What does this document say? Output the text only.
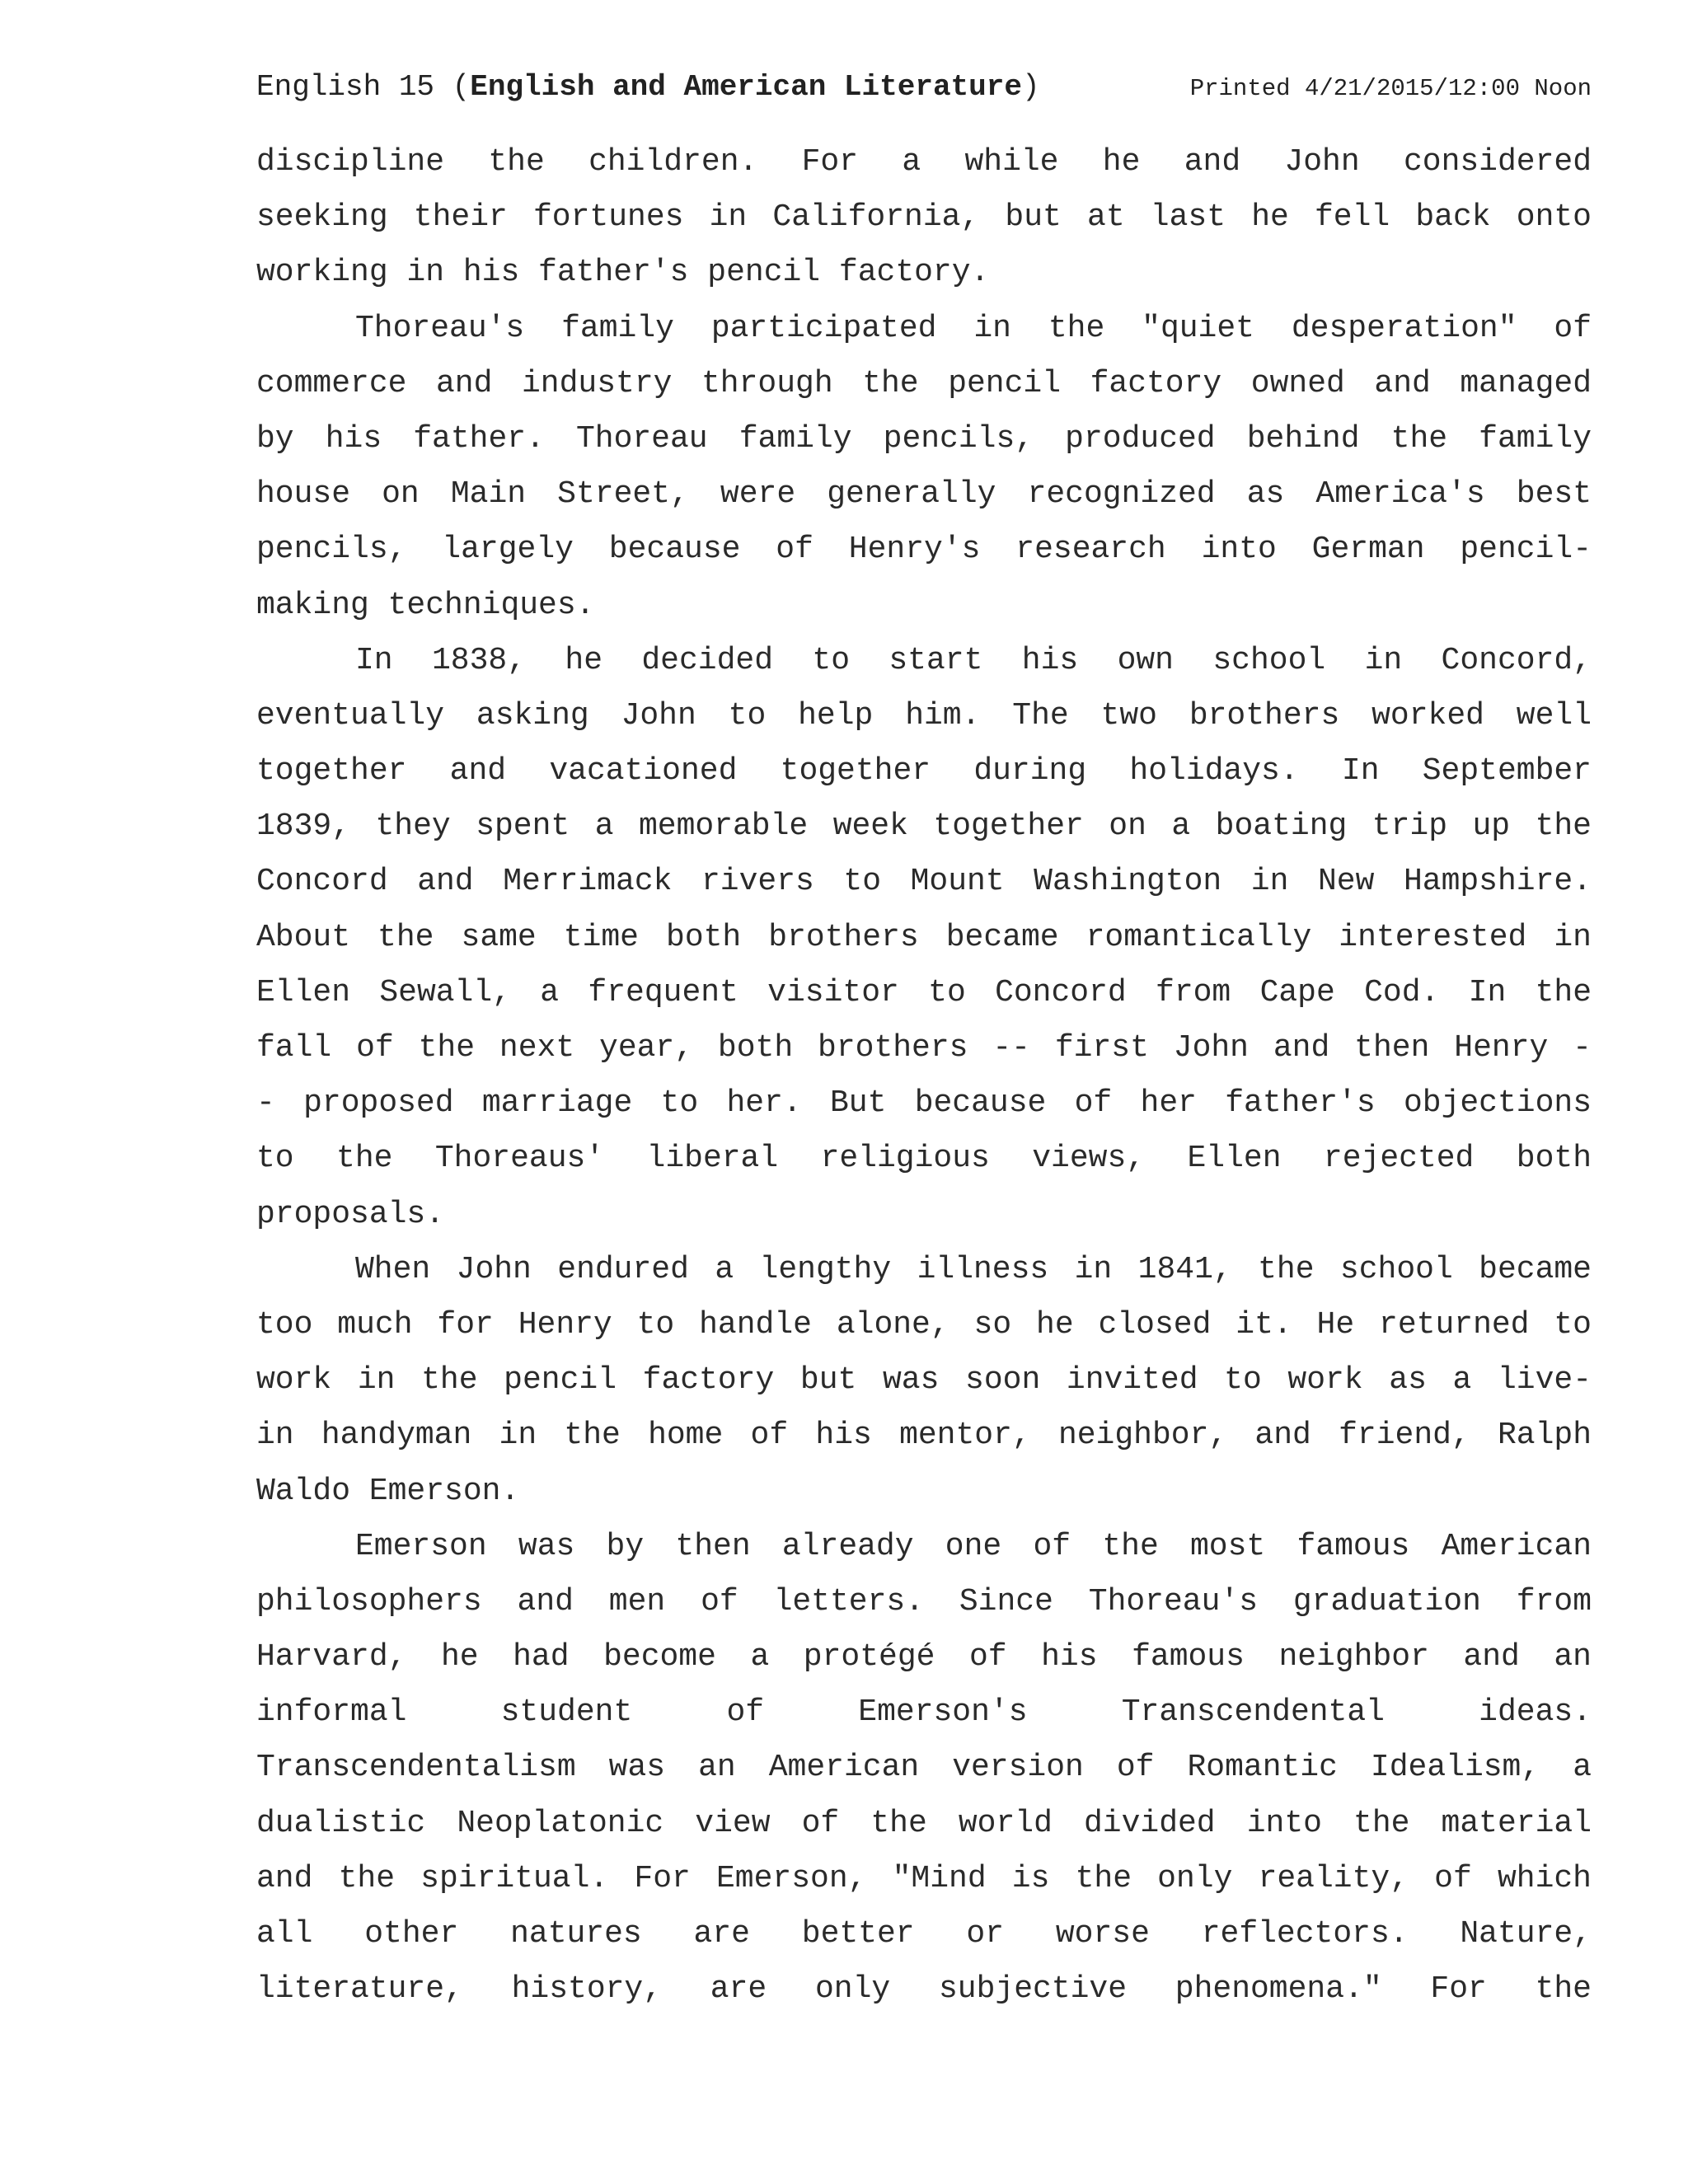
English 15 (English and American Literature)	Printed 4/21/2015/12:00 Noon
discipline the children. For a while he and John considered
seeking their fortunes in California, but at last he fell back onto
working in his father's pencil factory.
Thoreau's family participated in the "quiet desperation" of
commerce and industry through the pencil factory owned and managed
by his father. Thoreau family pencils, produced behind the family
house on Main Street, were generally recognized as America's best
pencils, largely because of Henry's research into German pencil-
making techniques.
In 1838, he decided to start his own school in Concord,
eventually asking John to help him. The two brothers worked well
together and vacationed together during holidays. In September
1839, they spent a memorable week together on a boating trip up the
Concord and Merrimack rivers to Mount Washington in New Hampshire.
About the same time both brothers became romantically interested in
Ellen Sewall, a frequent visitor to Concord from Cape Cod. In the
fall of the next year, both brothers -- first John and then Henry -
- proposed marriage to her. But because of her father's objections
to the Thoreaus' liberal religious views, Ellen rejected both
proposals.
When John endured a lengthy illness in 1841, the school became
too much for Henry to handle alone, so he closed it. He returned to
work in the pencil factory but was soon invited to work as a live-
in handyman in the home of his mentor, neighbor, and friend, Ralph
Waldo Emerson.
Emerson was by then already one of the most famous American
philosophers and men of letters. Since Thoreau's graduation from
Harvard, he had become a protégé of his famous neighbor and an
informal student of Emerson's Transcendental ideas.
Transcendentalism was an American version of Romantic Idealism, a
dualistic Neoplatonic view of the world divided into the material
and the spiritual. For Emerson, "Mind is the only reality, of which
all other natures are better or worse reflectors. Nature,
literature, history, are only subjective phenomena." For the
